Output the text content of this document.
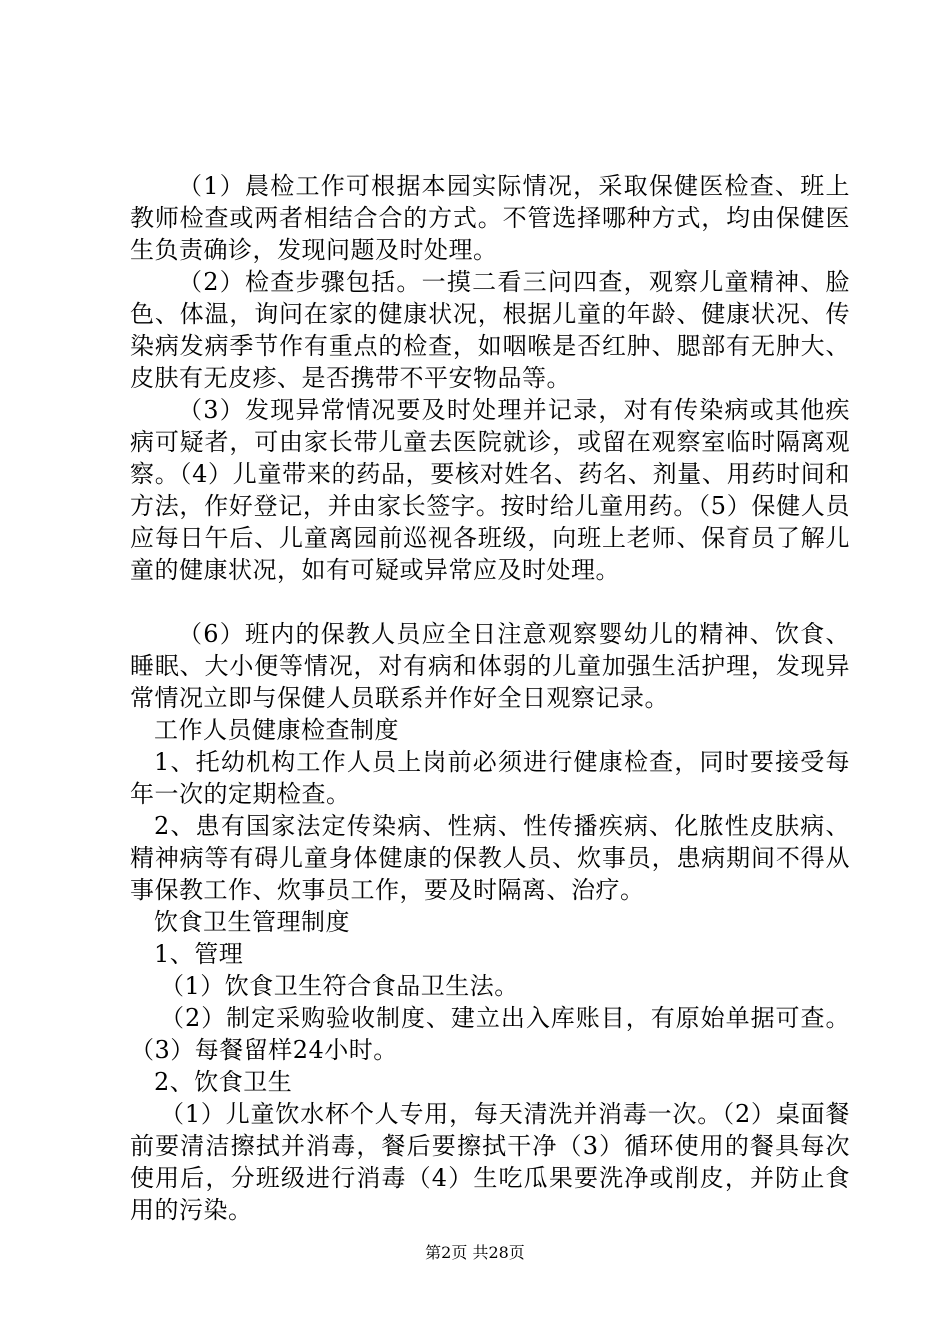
（1）晨检工作可根据本园实际情况，采取保健医检查、班上教师检查或两者相结合合的方式。不管选择哪种方式，均由保健医生负责确诊，发现问题及时处理。

（2）检查步骤包括。一摸二看三问四查，观察儿童精神、脸色、体温，询问在家的健康状况，根据儿童的年龄、健康状况、传染病发病季节作有重点的检查，如咽喉是否红肿、腮部有无肿大、皮肤有无皮疹、是否携带不平安物品等。

（3）发现异常情况要及时处理并记录，对有传染病或其他疾病可疑者，可由家长带儿童去医院就诊，或留在观察室临时隔离观察。（4）儿童带来的药品，要核对姓名、药名、剂量、用药时间和方法，作好登记，并由家长签字。按时给儿童用药。（5）保健人员应每日午后、儿童离园前巡视各班级，向班上老师、保育员了解儿童的健康状况，如有可疑或异常应及时处理。

（6）班内的保教人员应全日注意观察婴幼儿的精神、饮食、睡眠、大小便等情况，对有病和体弱的儿童加强生活护理，发现异常情况立即与保健人员联系并作好全日观察记录。

工作人员健康检查制度

1、托幼机构工作人员上岗前必须进行健康检查，同时要接受每年一次的定期检查。

2、患有国家法定传染病、性病、性传播疾病、化脓性皮肤病、精神病等有碍儿童身体健康的保教人员、炊事员，患病期间不得从事保教工作、炊事员工作，要及时隔离、治疗。

饮食卫生管理制度

1、管理

（1）饮食卫生符合食品卫生法。

（2）制定采购验收制度、建立出入库账目，有原始单据可查。（3）每餐留样24小时。

2、饮食卫生

（1）儿童饮水杯个人专用，每天清洗并消毒一次。（2）桌面餐前要清洁擦拭并消毒，餐后要擦拭干净（3）循环使用的餐具每次使用后，分班级进行消毒（4）生吃瓜果要洗净或削皮，并防止食用的污染。

第2页 共28页
